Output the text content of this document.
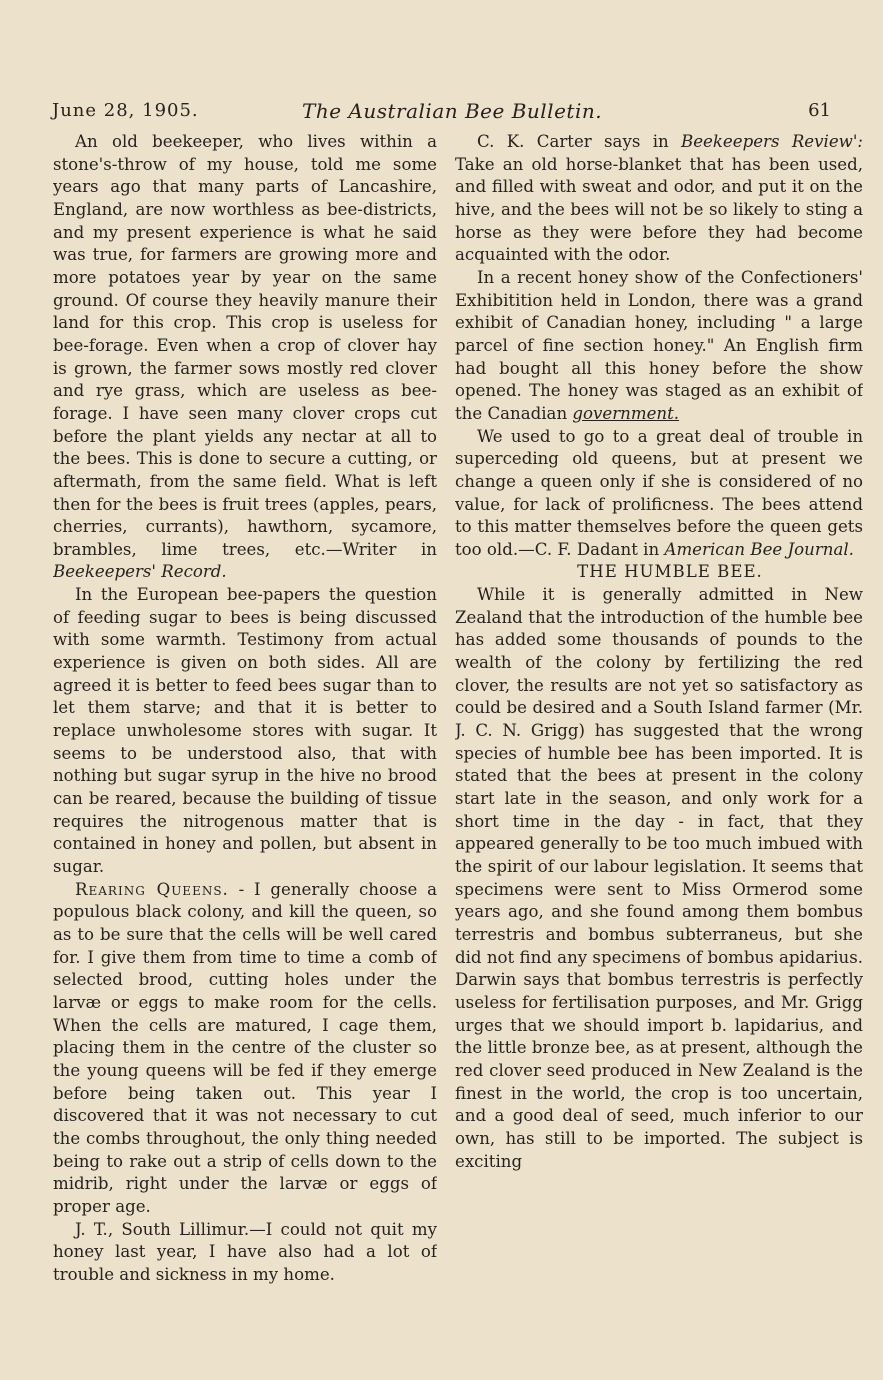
June 28, 1905.	The Australian Bee Bulletin.	61

An old beekeeper, who lives within a stone's-throw of my house, told me some years ago that many parts of Lancashire, England, are now worthless as bee-districts, and my present experience is what he said was true, for farmers are growing more and more potatoes year by year on the same ground. Of course they heavily manure their land for this crop. This crop is useless for bee-forage. Even when a crop of clover hay is grown, the farmer sows mostly red clover and rye grass, which are useless as bee-forage. I have seen many clover crops cut before the plant yields any nectar at all to the bees. This is done to secure a cutting, or aftermath, from the same field. What is left then for the bees is fruit trees (apples, pears, cherries, currants), hawthorn, sycamore, brambles, lime trees, etc.—Writer in Beekeepers' Record.

In the European bee-papers the question of feeding sugar to bees is being discussed with some warmth. Testimony from actual experience is given on both sides. All are agreed it is better to feed bees sugar than to let them starve; and that it is better to replace unwholesome stores with sugar. It seems to be understood also, that with nothing but sugar syrup in the hive no brood can be reared, because the building of tissue requires the nitrogenous matter that is contained in honey and pollen, but absent in sugar.

Rearing Queens. - I generally choose a populous black colony, and kill the queen, so as to be sure that the cells will be well cared for. I give them from time to time a comb of selected brood, cutting holes under the larvæ or eggs to make room for the cells. When the cells are matured, I cage them, placing them in the centre of the cluster so the young queens will be fed if they emerge before being taken out. This year I discovered that it was not necessary to cut the combs throughout, the only thing needed being to rake out a strip of cells down to the midrib, right under the larvæ or eggs of proper age.

J. T., South Lillimur.—I could not quit my honey last year, I have also had a lot of trouble and sickness in my home.

C. K. Carter says in Beekeepers Review': Take an old horse-blanket that has been used, and filled with sweat and odor, and put it on the hive, and the bees will not be so likely to sting a horse as they were before they had become acquainted with the odor.

In a recent honey show of the Confectioners' Exhibitition held in London, there was a grand exhibit of Canadian honey, including " a large parcel of fine section honey." An English firm had bought all this honey before the show opened. The honey was staged as an exhibit of the Canadian government.

We used to go to a great deal of trouble in superceding old queens, but at present we change a queen only if she is considered of no value, for lack of prolificness. The bees attend to this matter themselves before the queen gets too old.—C. F. Dadant in American Bee Journal.

THE HUMBLE BEE.

While it is generally admitted in New Zealand that the introduction of the humble bee has added some thousands of pounds to the wealth of the colony by fertilizing the red clover, the results are not yet so satisfactory as could be desired and a South Island farmer (Mr. J. C. N. Grigg) has suggested that the wrong species of humble bee has been imported. It is stated that the bees at present in the colony start late in the season, and only work for a short time in the day - in fact, that they appeared generally to be too much imbued with the spirit of our labour legislation. It seems that specimens were sent to Miss Ormerod some years ago, and she found among them bombus terrestris and bombus subterraneus, but she did not find any specimens of bombus apidarius. Darwin says that bombus terrestris is perfectly useless for fertilisation purposes, and Mr. Grigg urges that we should import b. lapidarius, and the little bronze bee, as at present, although the red clover seed produced in New Zealand is the finest in the world, the crop is too uncertain, and a good deal of seed, much inferior to our own, has still to be imported. The subject is exciting
